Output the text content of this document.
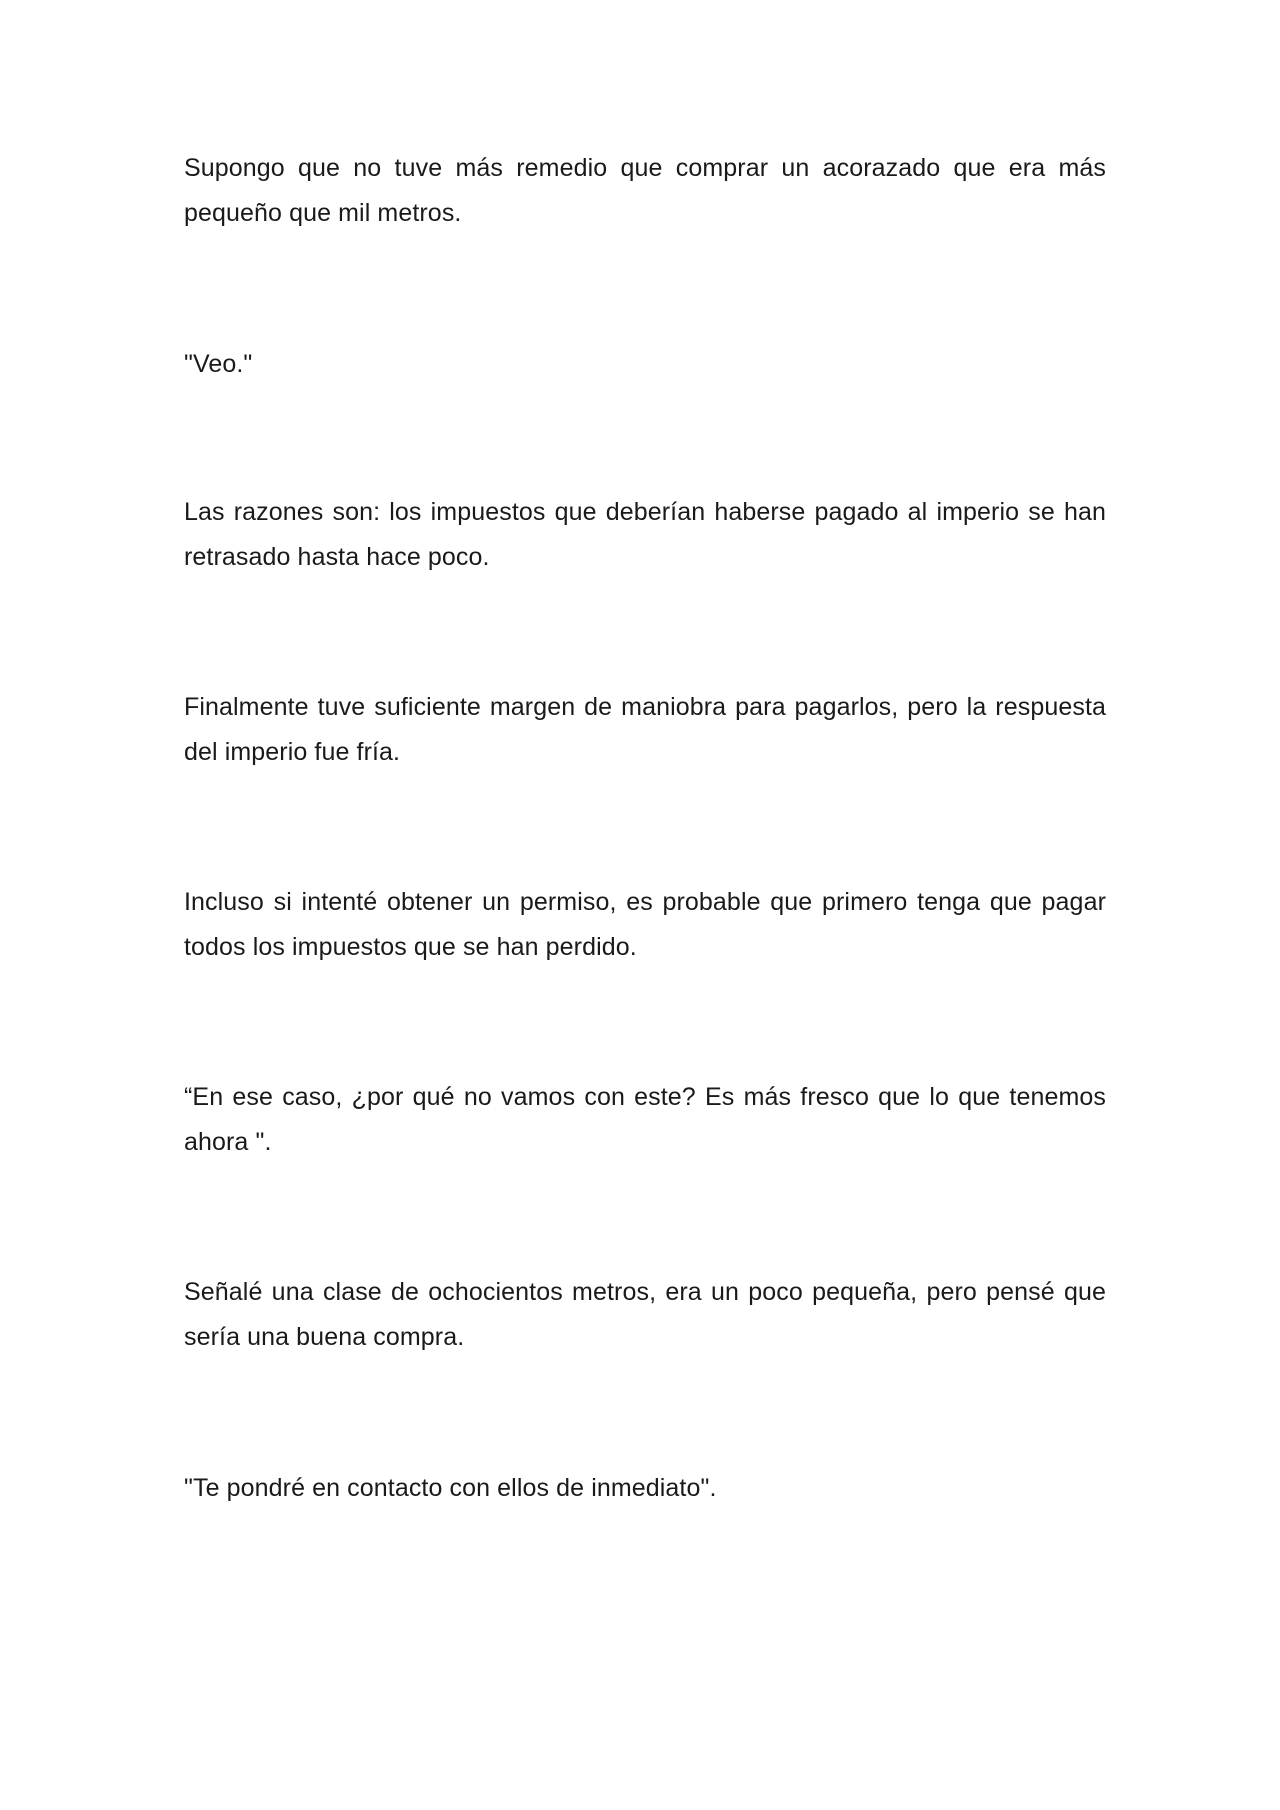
Supongo que no tuve más remedio que comprar un acorazado que era más pequeño que mil metros.

"Veo."

Las razones son: los impuestos que deberían haberse pagado al imperio se han retrasado hasta hace poco.

Finalmente tuve suficiente margen de maniobra para pagarlos, pero la respuesta del imperio fue fría.

Incluso si intenté obtener un permiso, es probable que primero tenga que pagar todos los impuestos que se han perdido.

“En ese caso, ¿por qué no vamos con este? Es más fresco que lo que tenemos ahora ".

Señalé una clase de ochocientos metros, era un poco pequeña, pero pensé que sería una buena compra.

"Te pondré en contacto con ellos de inmediato".
